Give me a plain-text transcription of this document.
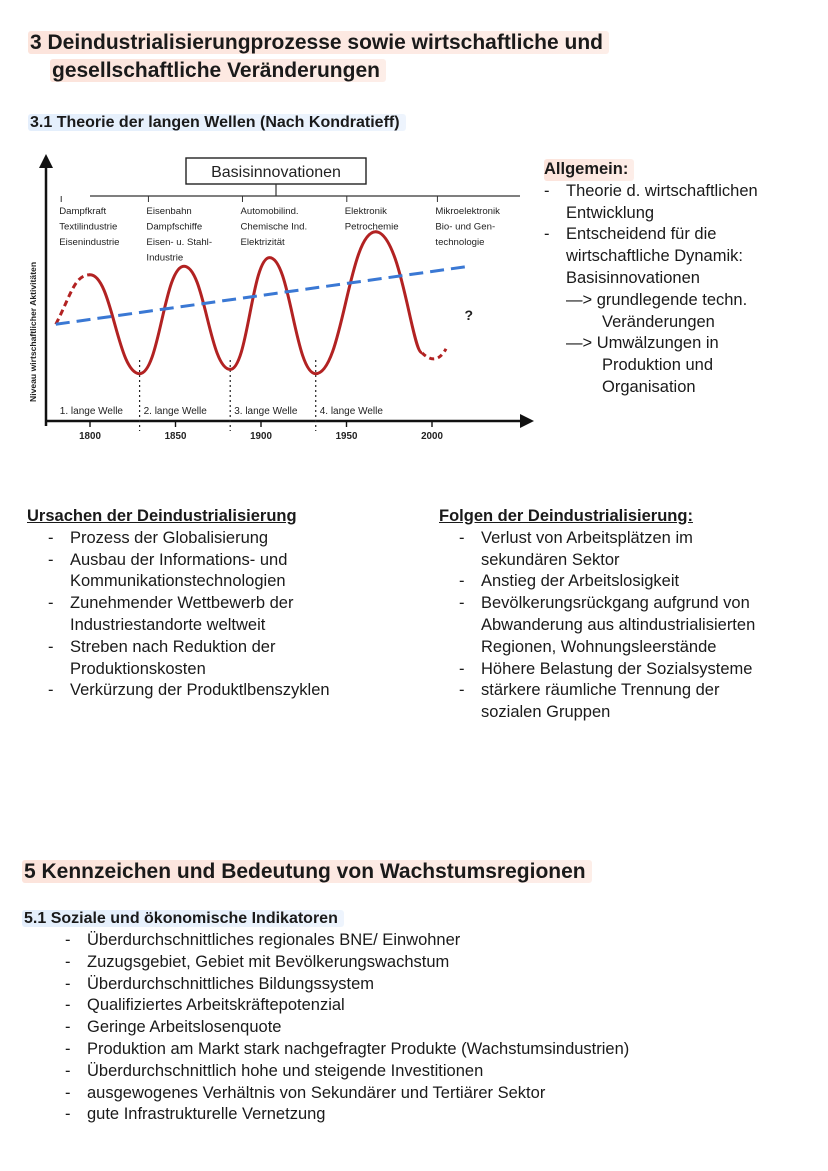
3 Deindustrialisierungprozesse sowie wirtschaftliche und
gesellschaftliche Veränderungen
3.1 Theorie der langen Wellen (Nach Kondratieff)
Basisinnovationen
Niveau wirtschaftlicher Aktivitäten
Dampfkraft
Textilindustrie
Eisenindustrie
Eisenbahn
Dampfschiffe
Eisen- u. Stahl-
Industrie
Automobilind.
Chemische Ind.
Elektrizität
Elektronik
Petrochemie
Mikroelektronik
Bio- und Gen-
technologie
1800	1850	1900	1950	2000
1. lange Welle 2. lange Welle	3. lange Welle 4. lange Welle
?
Allgemein:
- Theorie d. wirtschaftlichen
Entwicklung
- Entscheidend für die
wirtschaftliche Dynamik:
Basisinnovationen
—> grundlegende techn.
Veränderungen
—> Umwälzungen in
Produktion und
Organisation
Ursachen der Deindustrialisierung
- Prozess der Globalisierung
- Ausbau der Informations- und
Kommunikationstechnologien
- Zunehmender Wettbewerb der
Industriestandorte weltweit
- Streben nach Reduktion der
Produktionskosten
- Verkürzung der Produktlbenszyklen
Folgen der Deindustrialisierung:
- Verlust von Arbeitsplätzen im
sekundären Sektor
- Anstieg der Arbeitslosigkeit
- Bevölkerungsrückgang aufgrund von
Abwanderung aus altindustrialisierten
Regionen, Wohnungsleerstände
- Höhere Belastung der Sozialsysteme
- stärkere räumliche Trennung der
sozialen Gruppen
5 Kennzeichen und Bedeutung von Wachstumsregionen
5.1 Soziale und ökonomische Indikatoren
- Überdurchschnittliches regionales BNE/ Einwohner
- Zuzugsgebiet, Gebiet mit Bevölkerungswachstum
- Überdurchschnittliches Bildungssystem
- Qualifiziertes Arbeitskräftepotenzial
- Geringe Arbeitslosenquote
- Produktion am Markt stark nachgefragter Produkte (Wachstumsindustrien)
- Überdurchschnittlich hohe und steigende Investitionen
- ausgewogenes Verhältnis von Sekundärer und Tertiärer Sektor
- gute Infrastrukturelle Vernetzung
